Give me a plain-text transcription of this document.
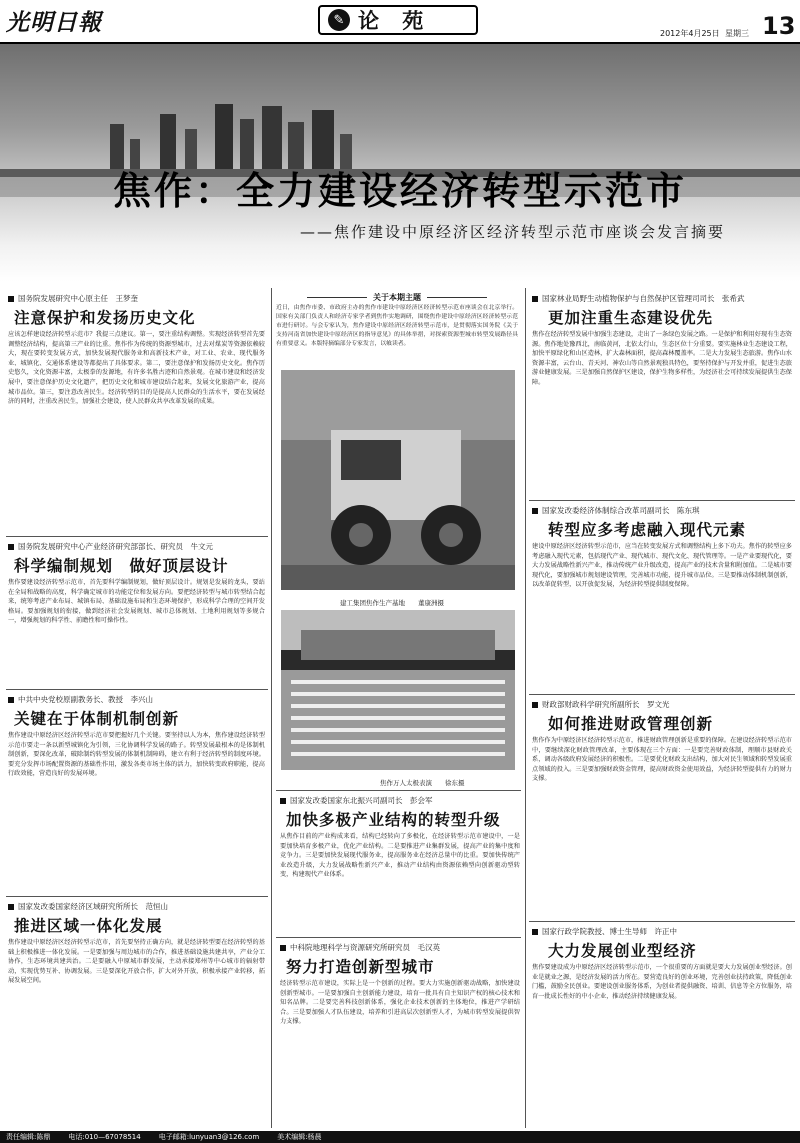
光明日報	✎ 论 苑
2012年4月25日 星期三 13
焦作：全力建设经济转型示范市
——焦作建设中原经济区经济转型示范市座谈会发言摘要
国务院发展研究中心原主任　王梦奎
注意保护和发扬历史文化
应该怎样建设经济转型示范市？我提三点建议。第一，要注重结构调整。实现经济转型首先要调整经济结构，提高第三产业的比重。焦作作为传统的资源型城市，过去对煤炭等资源依赖较大，现在要转变发展方式，加快发展现代服务业和高新技术产业，对工业、农业、现代服务业、城镇化、交通体系建设等都提出了具体要求。第二，要注意保护和发扬历史文化。焦作历史悠久，文化资源丰富，太极拳的发源地，有许多名胜古迹和自然景观。在城市建设和经济发展中，要注意保护历史文化遗产，把历史文化和城市建设结合起来，发展文化旅游产业，提高城市品位。第三，要注意改善民生。经济转型的目的是提高人民群众的生活水平，要在发展经济的同时，注重改善民生，加强社会建设，使人民群众共享改革发展的成果。
国务院发展研究中心产业经济研究部部长、研究员　牛文元
科学编制规划　做好顶层设计
焦作要建设经济转型示范市，首先要科学编制规划，做好顶层设计。规划是发展的龙头，要站在全局和战略的高度，科学确定城市的功能定位和发展方向。要把经济转型与城市转型结合起来，统筹考虑产业布局、城镇布局、基础设施布局和生态环境保护，形成科学合理的空间开发格局。要加强规划的衔接，做到经济社会发展规划、城市总体规划、土地利用规划等多规合一，增强规划的科学性、前瞻性和可操作性。
中共中央党校原副教务长、教授　李兴山
关键在于体制机制创新
焦作建设中原经济区经济转型示范市要把握好几个关键。要坚持以人为本，焦作建设经济转型示范市要走一条以新型城镇化为引领，三化协调科学发展的路子。转型发展最根本的是体制机制创新，要深化改革，破除制约转型发展的体制机制障碍，建立有利于经济转型的制度环境。要充分发挥市场配置资源的基础性作用，激发各类市场主体的活力，加快转变政府职能，提高行政效能，营造良好的发展环境。
国家发改委国家经济区域研究所所长　范恒山
推进区域一体化发展
焦作建设中原经济区经济转型示范市，首先要坚持正确方向，就是经济转型要在经济转型的基础上积极推进一体化发展。一是要加强与周边城市的合作，推进基础设施共建共享，产业分工协作，生态环境共建共治。二是要融入中原城市群发展，主动承接郑州等中心城市的辐射带动，实现优势互补、协调发展。三是要深化开放合作，扩大对外开放，积极承接产业转移，拓展发展空间。
关于本期主题
近日，由焦作市委、市政府主办的焦作市建设中原经济区经济转型示范市座谈会在北京举行。国家有关部门负责人和经济专家学者到焦作实地调研，围绕焦作建设中原经济区经济转型示范市进行研讨。与会专家认为，焦作建设中原经济区经济转型示范市，是贯彻落实国务院《关于支持河南省加快建设中原经济区的指导意见》的具体举措，对探索资源型城市转型发展路径具有重要意义。本版特摘编部分专家发言，以飨读者。
建工集团焦作生产基地　　董康洲摄
焦作万人太极表演　　徐东摄
国家发改委国家东北振兴司副司长　彭会军
加快多极产业结构的转型升级
从焦作目前的产业构成来看，结构已经转向了多极化，在经济转型示范市建设中，一是要加快培育多极产业，优化产业结构。二是要推进产业集群发展，提高产业的集中度和竞争力。三是要加快发展现代服务业，提高服务业在经济总量中的比重。要加快传统产业改造升级，大力发展战略性新兴产业，推动产业结构由资源依赖型向创新驱动型转变，构建现代产业体系。
中科院地理科学与资源研究所研究员　毛汉英
努力打造创新型城市
经济转型示范市建设，实际上是一个创新的过程。要大力实施创新驱动战略，加快建设创新型城市。一是要加强自主创新能力建设，培育一批具有自主知识产权的核心技术和知名品牌。二是要完善科技创新体系，强化企业技术创新的主体地位，推进产学研结合。三是要加强人才队伍建设，培养和引进高层次创新型人才，为城市转型发展提供智力支撑。
国家林业局野生动植物保护与自然保护区管理司司长　张希武
更加注重生态建设优先
焦作在经济转型发展中加强生态建设，走出了一条绿色发展之路。一是保护和利用好现有生态资源。焦作地处豫西北，南临黄河，北依太行山，生态区位十分重要。要实施林业生态建设工程，加快平原绿化和山区造林，扩大森林面积，提高森林覆盖率。二是大力发展生态旅游。焦作山水资源丰富，云台山、青天河、神农山等自然景观独具特色，要坚持保护与开发并重，促进生态旅游业健康发展。三是加强自然保护区建设，保护生物多样性，为经济社会可持续发展提供生态保障。
国家发改委经济体制综合改革司副司长　陈东琪
转型应多考虑融入现代元素
建设中原经济区经济转型示范市，应当在转变发展方式和调整结构上多下功夫。焦作的转型应多考虑融入现代元素，包括现代产业、现代城市、现代文化、现代管理等。一是产业要现代化，要大力发展战略性新兴产业，推动传统产业升级改造，提高产业的技术含量和附加值。二是城市要现代化，要加强城市规划建设管理，完善城市功能，提升城市品位。三是要推动体制机制创新，以改革促转型，以开放促发展，为经济转型提供制度保障。
财政部财政科学研究所副所长　罗文光
如何推进财政管理创新
焦作作为中原经济区经济转型示范市，推进财政管理创新是重要的保障。在建设经济转型示范市中，要继续深化财政管理改革，主要体现在三个方面：一是要完善财政体制，理顺市县财政关系，调动各级政府发展经济的积极性。二是要优化财政支出结构，加大对民生领域和转型发展重点领域的投入。三是要加强财政资金管理，提高财政资金使用效益，为经济转型提供有力的财力支撑。
国家行政学院教授、博士生导师　许正中
大力发展创业型经济
焦作要建设成为中原经济区经济转型示范市，一个很重要的方面就是要大力发展创业型经济。创业是就业之源，是经济发展的活力所在。要营造良好的创业环境，完善创业扶持政策，降低创业门槛，鼓励全民创业。要建设创业服务体系，为创业者提供融资、培训、信息等全方位服务，培育一批成长性好的中小企业，推动经济持续健康发展。
责任编辑:陈鼎	电话:010—67078514	电子邮箱:lunyuan3@126.com	美术编辑:杨晨
